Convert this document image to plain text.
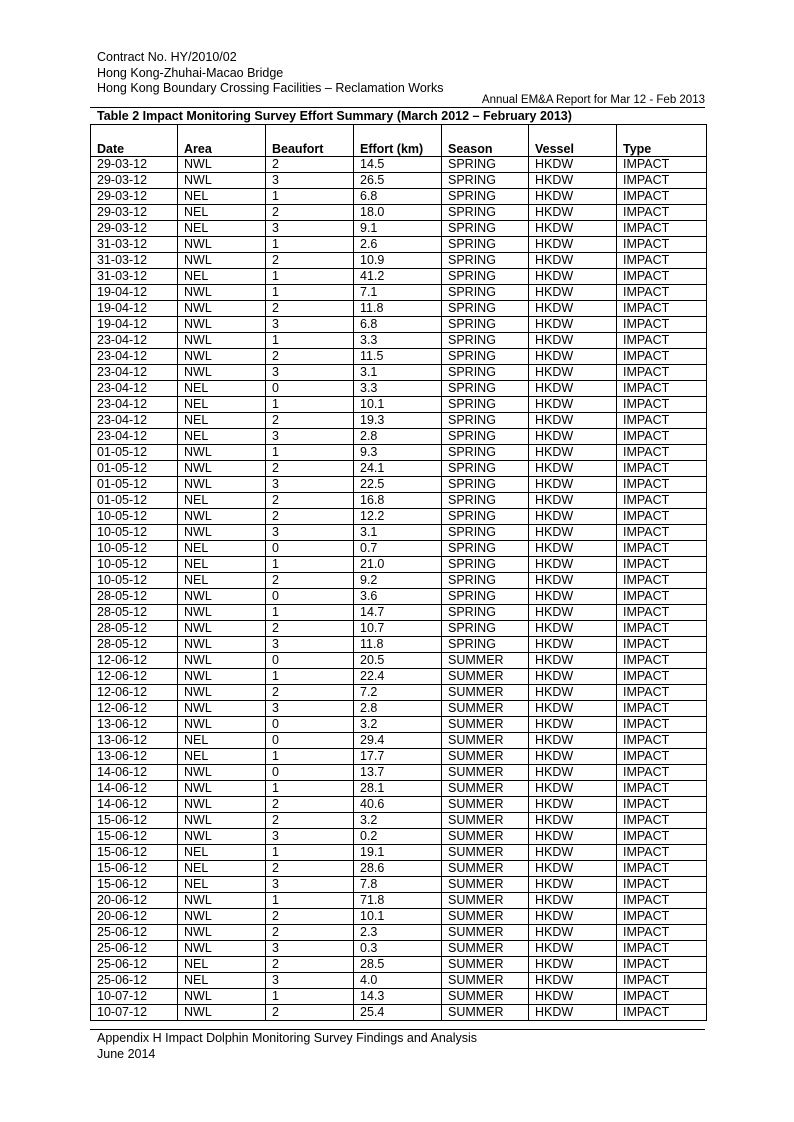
Contract No. HY/2010/02
Hong Kong-Zhuhai-Macao Bridge
Hong Kong Boundary Crossing Facilities – Reclamation Works
Annual EM&A Report for Mar 12 - Feb 2013
Table 2 Impact Monitoring Survey Effort Summary (March 2012 – February 2013)
Date	Area	Beaufort	Effort (km)	Season	Vessel	Type
29-03-12	NWL	2	14.5	SPRING	HKDW	IMPACT
29-03-12	NWL	3	26.5	SPRING	HKDW	IMPACT
29-03-12	NEL	1	6.8	SPRING	HKDW	IMPACT
29-03-12	NEL	2	18.0	SPRING	HKDW	IMPACT
29-03-12	NEL	3	9.1	SPRING	HKDW	IMPACT
31-03-12	NWL	1	2.6	SPRING	HKDW	IMPACT
31-03-12	NWL	2	10.9	SPRING	HKDW	IMPACT
31-03-12	NEL	1	41.2	SPRING	HKDW	IMPACT
19-04-12	NWL	1	7.1	SPRING	HKDW	IMPACT
19-04-12	NWL	2	11.8	SPRING	HKDW	IMPACT
19-04-12	NWL	3	6.8	SPRING	HKDW	IMPACT
23-04-12	NWL	1	3.3	SPRING	HKDW	IMPACT
23-04-12	NWL	2	11.5	SPRING	HKDW	IMPACT
23-04-12	NWL	3	3.1	SPRING	HKDW	IMPACT
23-04-12	NEL	0	3.3	SPRING	HKDW	IMPACT
23-04-12	NEL	1	10.1	SPRING	HKDW	IMPACT
23-04-12	NEL	2	19.3	SPRING	HKDW	IMPACT
23-04-12	NEL	3	2.8	SPRING	HKDW	IMPACT
01-05-12	NWL	1	9.3	SPRING	HKDW	IMPACT
01-05-12	NWL	2	24.1	SPRING	HKDW	IMPACT
01-05-12	NWL	3	22.5	SPRING	HKDW	IMPACT
01-05-12	NEL	2	16.8	SPRING	HKDW	IMPACT
10-05-12	NWL	2	12.2	SPRING	HKDW	IMPACT
10-05-12	NWL	3	3.1	SPRING	HKDW	IMPACT
10-05-12	NEL	0	0.7	SPRING	HKDW	IMPACT
10-05-12	NEL	1	21.0	SPRING	HKDW	IMPACT
10-05-12	NEL	2	9.2	SPRING	HKDW	IMPACT
28-05-12	NWL	0	3.6	SPRING	HKDW	IMPACT
28-05-12	NWL	1	14.7	SPRING	HKDW	IMPACT
28-05-12	NWL	2	10.7	SPRING	HKDW	IMPACT
28-05-12	NWL	3	11.8	SPRING	HKDW	IMPACT
12-06-12	NWL	0	20.5	SUMMER	HKDW	IMPACT
12-06-12	NWL	1	22.4	SUMMER	HKDW	IMPACT
12-06-12	NWL	2	7.2	SUMMER	HKDW	IMPACT
12-06-12	NWL	3	2.8	SUMMER	HKDW	IMPACT
13-06-12	NWL	0	3.2	SUMMER	HKDW	IMPACT
13-06-12	NEL	0	29.4	SUMMER	HKDW	IMPACT
13-06-12	NEL	1	17.7	SUMMER	HKDW	IMPACT
14-06-12	NWL	0	13.7	SUMMER	HKDW	IMPACT
14-06-12	NWL	1	28.1	SUMMER	HKDW	IMPACT
14-06-12	NWL	2	40.6	SUMMER	HKDW	IMPACT
15-06-12	NWL	2	3.2	SUMMER	HKDW	IMPACT
15-06-12	NWL	3	0.2	SUMMER	HKDW	IMPACT
15-06-12	NEL	1	19.1	SUMMER	HKDW	IMPACT
15-06-12	NEL	2	28.6	SUMMER	HKDW	IMPACT
15-06-12	NEL	3	7.8	SUMMER	HKDW	IMPACT
20-06-12	NWL	1	71.8	SUMMER	HKDW	IMPACT
20-06-12	NWL	2	10.1	SUMMER	HKDW	IMPACT
25-06-12	NWL	2	2.3	SUMMER	HKDW	IMPACT
25-06-12	NWL	3	0.3	SUMMER	HKDW	IMPACT
25-06-12	NEL	2	28.5	SUMMER	HKDW	IMPACT
25-06-12	NEL	3	4.0	SUMMER	HKDW	IMPACT
10-07-12	NWL	1	14.3	SUMMER	HKDW	IMPACT
10-07-12	NWL	2	25.4	SUMMER	HKDW	IMPACT
Appendix H Impact Dolphin Monitoring Survey Findings and Analysis
June 2014
